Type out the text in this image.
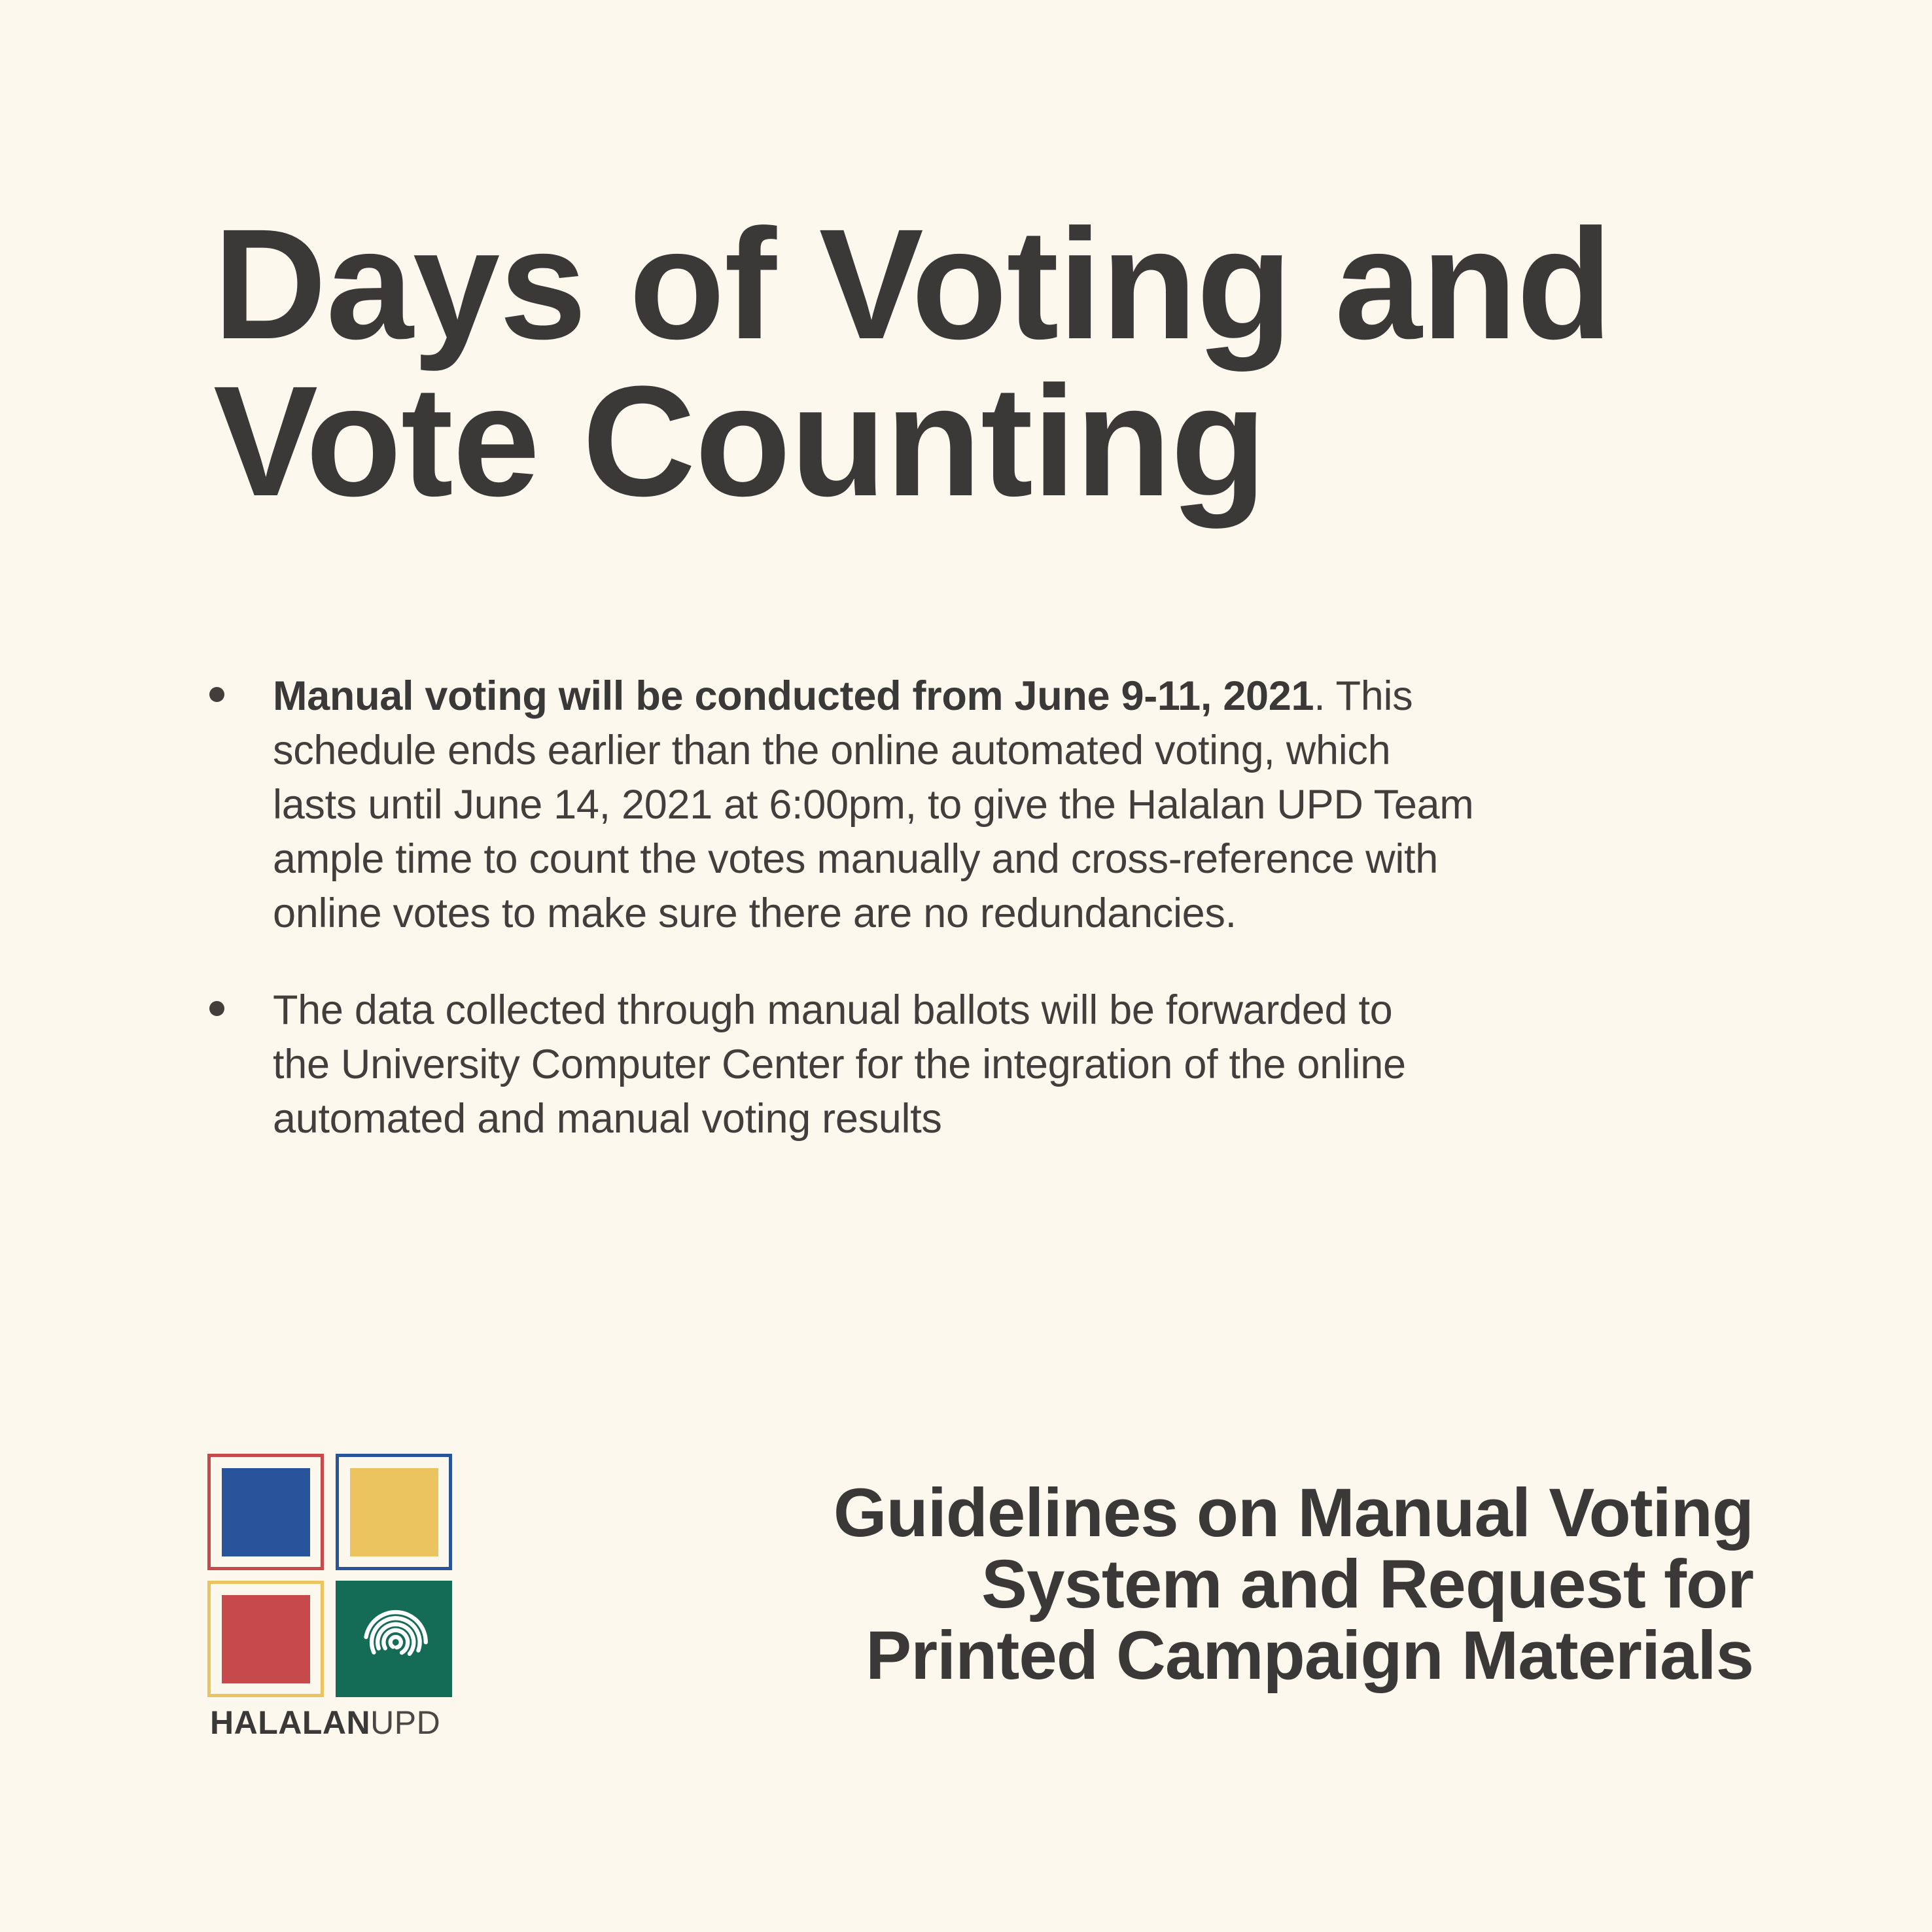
Days of Voting and
Vote Counting
Manual voting will be conducted from June 9-11, 2021. This
schedule ends earlier than the online automated voting, which
lasts until June 14, 2021 at 6:00pm, to give the Halalan UPD Team
ample time to count the votes manually and cross-reference with
online votes to make sure there are no redundancies.
The data collected through manual ballots will be forwarded to
the University Computer Center for the integration of the online
automated and manual voting results
HALALANUPD
Guidelines on Manual Voting
System and Request for
Printed Campaign Materials
